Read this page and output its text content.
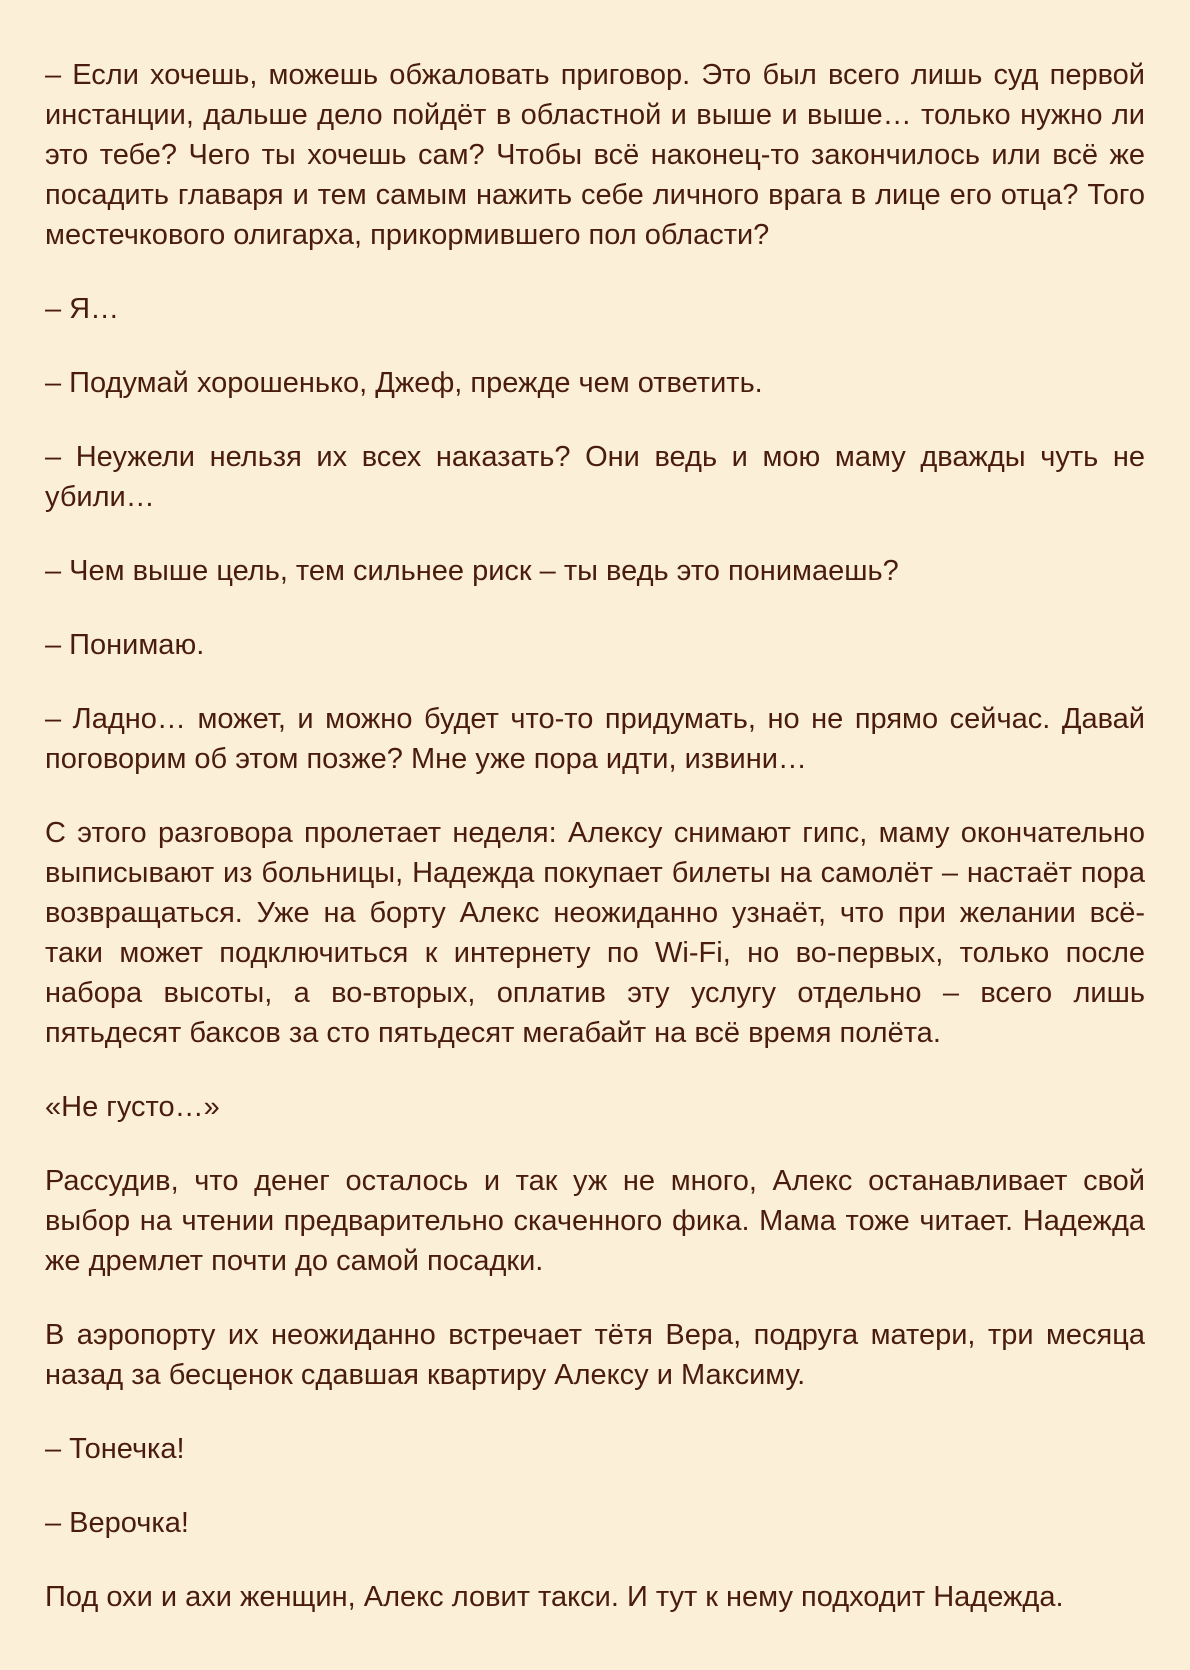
– Если хочешь, можешь обжаловать приговор. Это был всего лишь суд первой инстанции, дальше дело пойдёт в областной и выше и выше… только нужно ли это тебе? Чего ты хочешь сам? Чтобы всё наконец-то закончилось или всё же посадить главаря и тем самым нажить себе личного врага в лице его отца? Того местечкового олигарха, прикормившего пол области?

– Я…

– Подумай хорошенько, Джеф, прежде чем ответить.

– Неужели нельзя их всех наказать? Они ведь и мою маму дважды чуть не убили…

– Чем выше цель, тем сильнее риск – ты ведь это понимаешь?

– Понимаю.

– Ладно… может, и можно будет что-то придумать, но не прямо сейчас. Давай поговорим об этом позже? Мне уже пора идти, извини…

С этого разговора пролетает неделя: Алексу снимают гипс, маму окончательно выписывают из больницы, Надежда покупает билеты на самолёт – настаёт пора возвращаться. Уже на борту Алекс неожиданно узнаёт, что при желании всё-таки может подключиться к интернету по Wi-Fi, но во-первых, только после набора высоты, а во-вторых, оплатив эту услугу отдельно – всего лишь пятьдесят баксов за сто пятьдесят мегабайт на всё время полёта.

«Не густо…»

Рассудив, что денег осталось и так уж не много, Алекс останавливает свой выбор на чтении предварительно скаченного фика. Мама тоже читает. Надежда же дремлет почти до самой посадки.

В аэропорту их неожиданно встречает тётя Вера, подруга матери, три месяца назад за бесценок сдавшая квартиру Алексу и Максиму.

– Тонечка!

– Верочка!

Под охи и ахи женщин, Алекс ловит такси. И тут к нему подходит Надежда.
